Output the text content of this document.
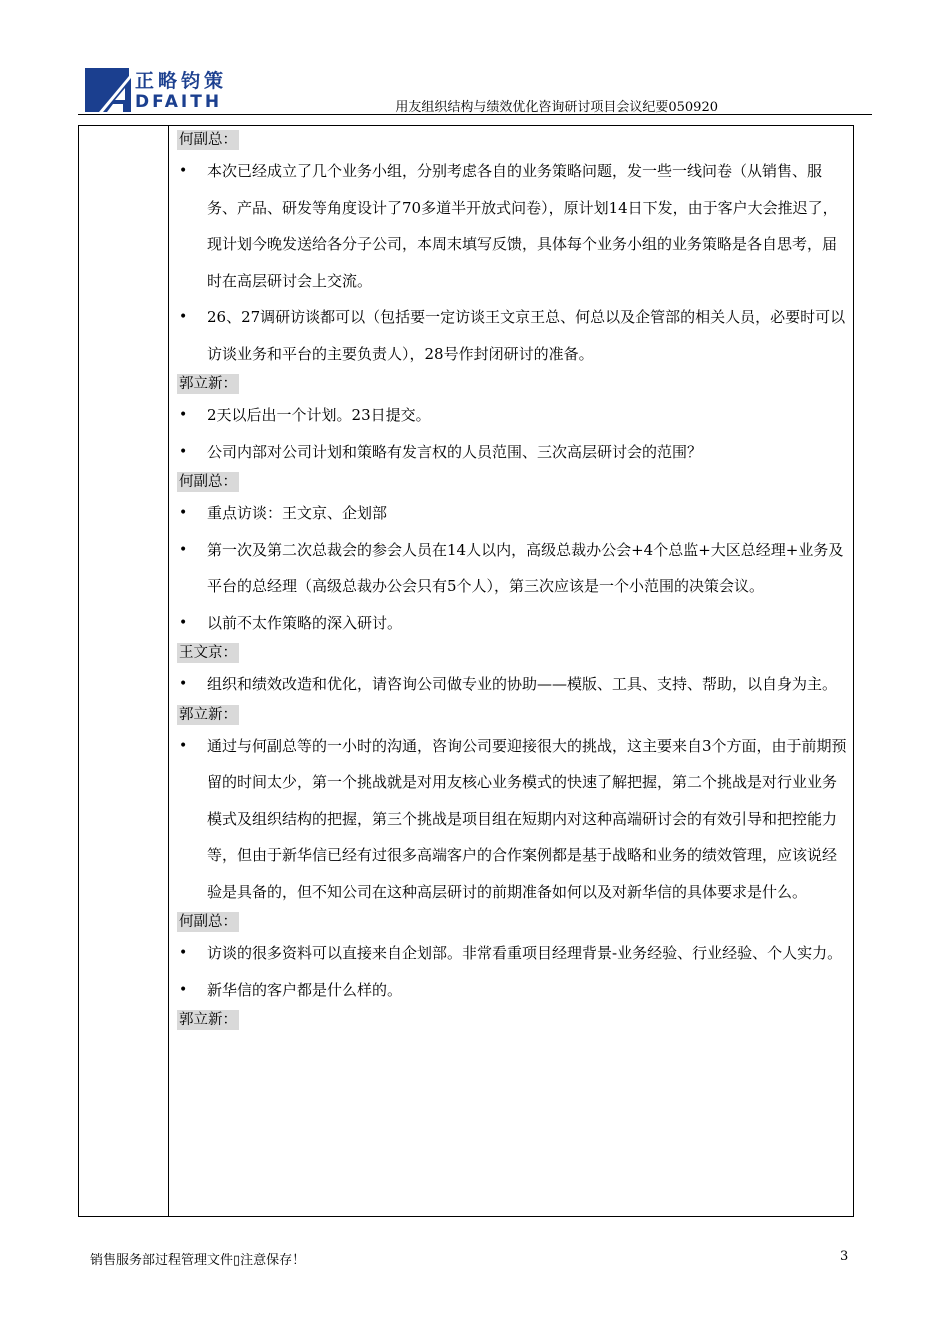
正略钧策
DFAITH	用友组织结构与绩效优化咨询研讨项目会议纪要050920
何副总：
• 本次已经成立了几个业务小组，分别考虑各自的业务策略问题，发一些一线问卷（从销售、服务、产品、研发等角度设计了70多道半开放式问卷），原计划14日下发，由于客户大会推迟了，现计划今晚发送给各分子公司，本周末填写反馈，具体每个业务小组的业务策略是各自思考，届时在高层研讨会上交流。
• 26、27调研访谈都可以（包括要一定访谈王文京王总、何总以及企管部的相关人员，必要时可以访谈业务和平台的主要负责人），28号作封闭研讨的准备。
郭立新：
• 2天以后出一个计划。23日提交。
• 公司内部对公司计划和策略有发言权的人员范围、三次高层研讨会的范围？
何副总：
• 重点访谈：王文京、企划部
• 第一次及第二次总裁会的参会人员在14人以内，高级总裁办公会+4个总监+大区总经理+业务及平台的总经理（高级总裁办公会只有5个人），第三次应该是一个小范围的决策会议。
• 以前不太作策略的深入研讨。
王文京：
• 组织和绩效改造和优化，请咨询公司做专业的协助——模版、工具、支持、帮助，以自身为主。
郭立新：
• 通过与何副总等的一小时的沟通，咨询公司要迎接很大的挑战，这主要来自3个方面，由于前期预留的时间太少，第一个挑战就是对用友核心业务模式的快速了解把握，第二个挑战是对行业业务模式及组织结构的把握，第三个挑战是项目组在短期内对这种高端研讨会的有效引导和把控能力等，但由于新华信已经有过很多高端客户的合作案例都是基于战略和业务的绩效管理，应该说经验是具备的，但不知公司在这种高层研讨的前期准备如何以及对新华信的具体要求是什么。
何副总：
• 访谈的很多资料可以直接来自企划部。非常看重项目经理背景-业务经验、行业经验、个人实力。
• 新华信的客户都是什么样的。
郭立新：
销售服务部过程管理文件▯注意保存！	3
